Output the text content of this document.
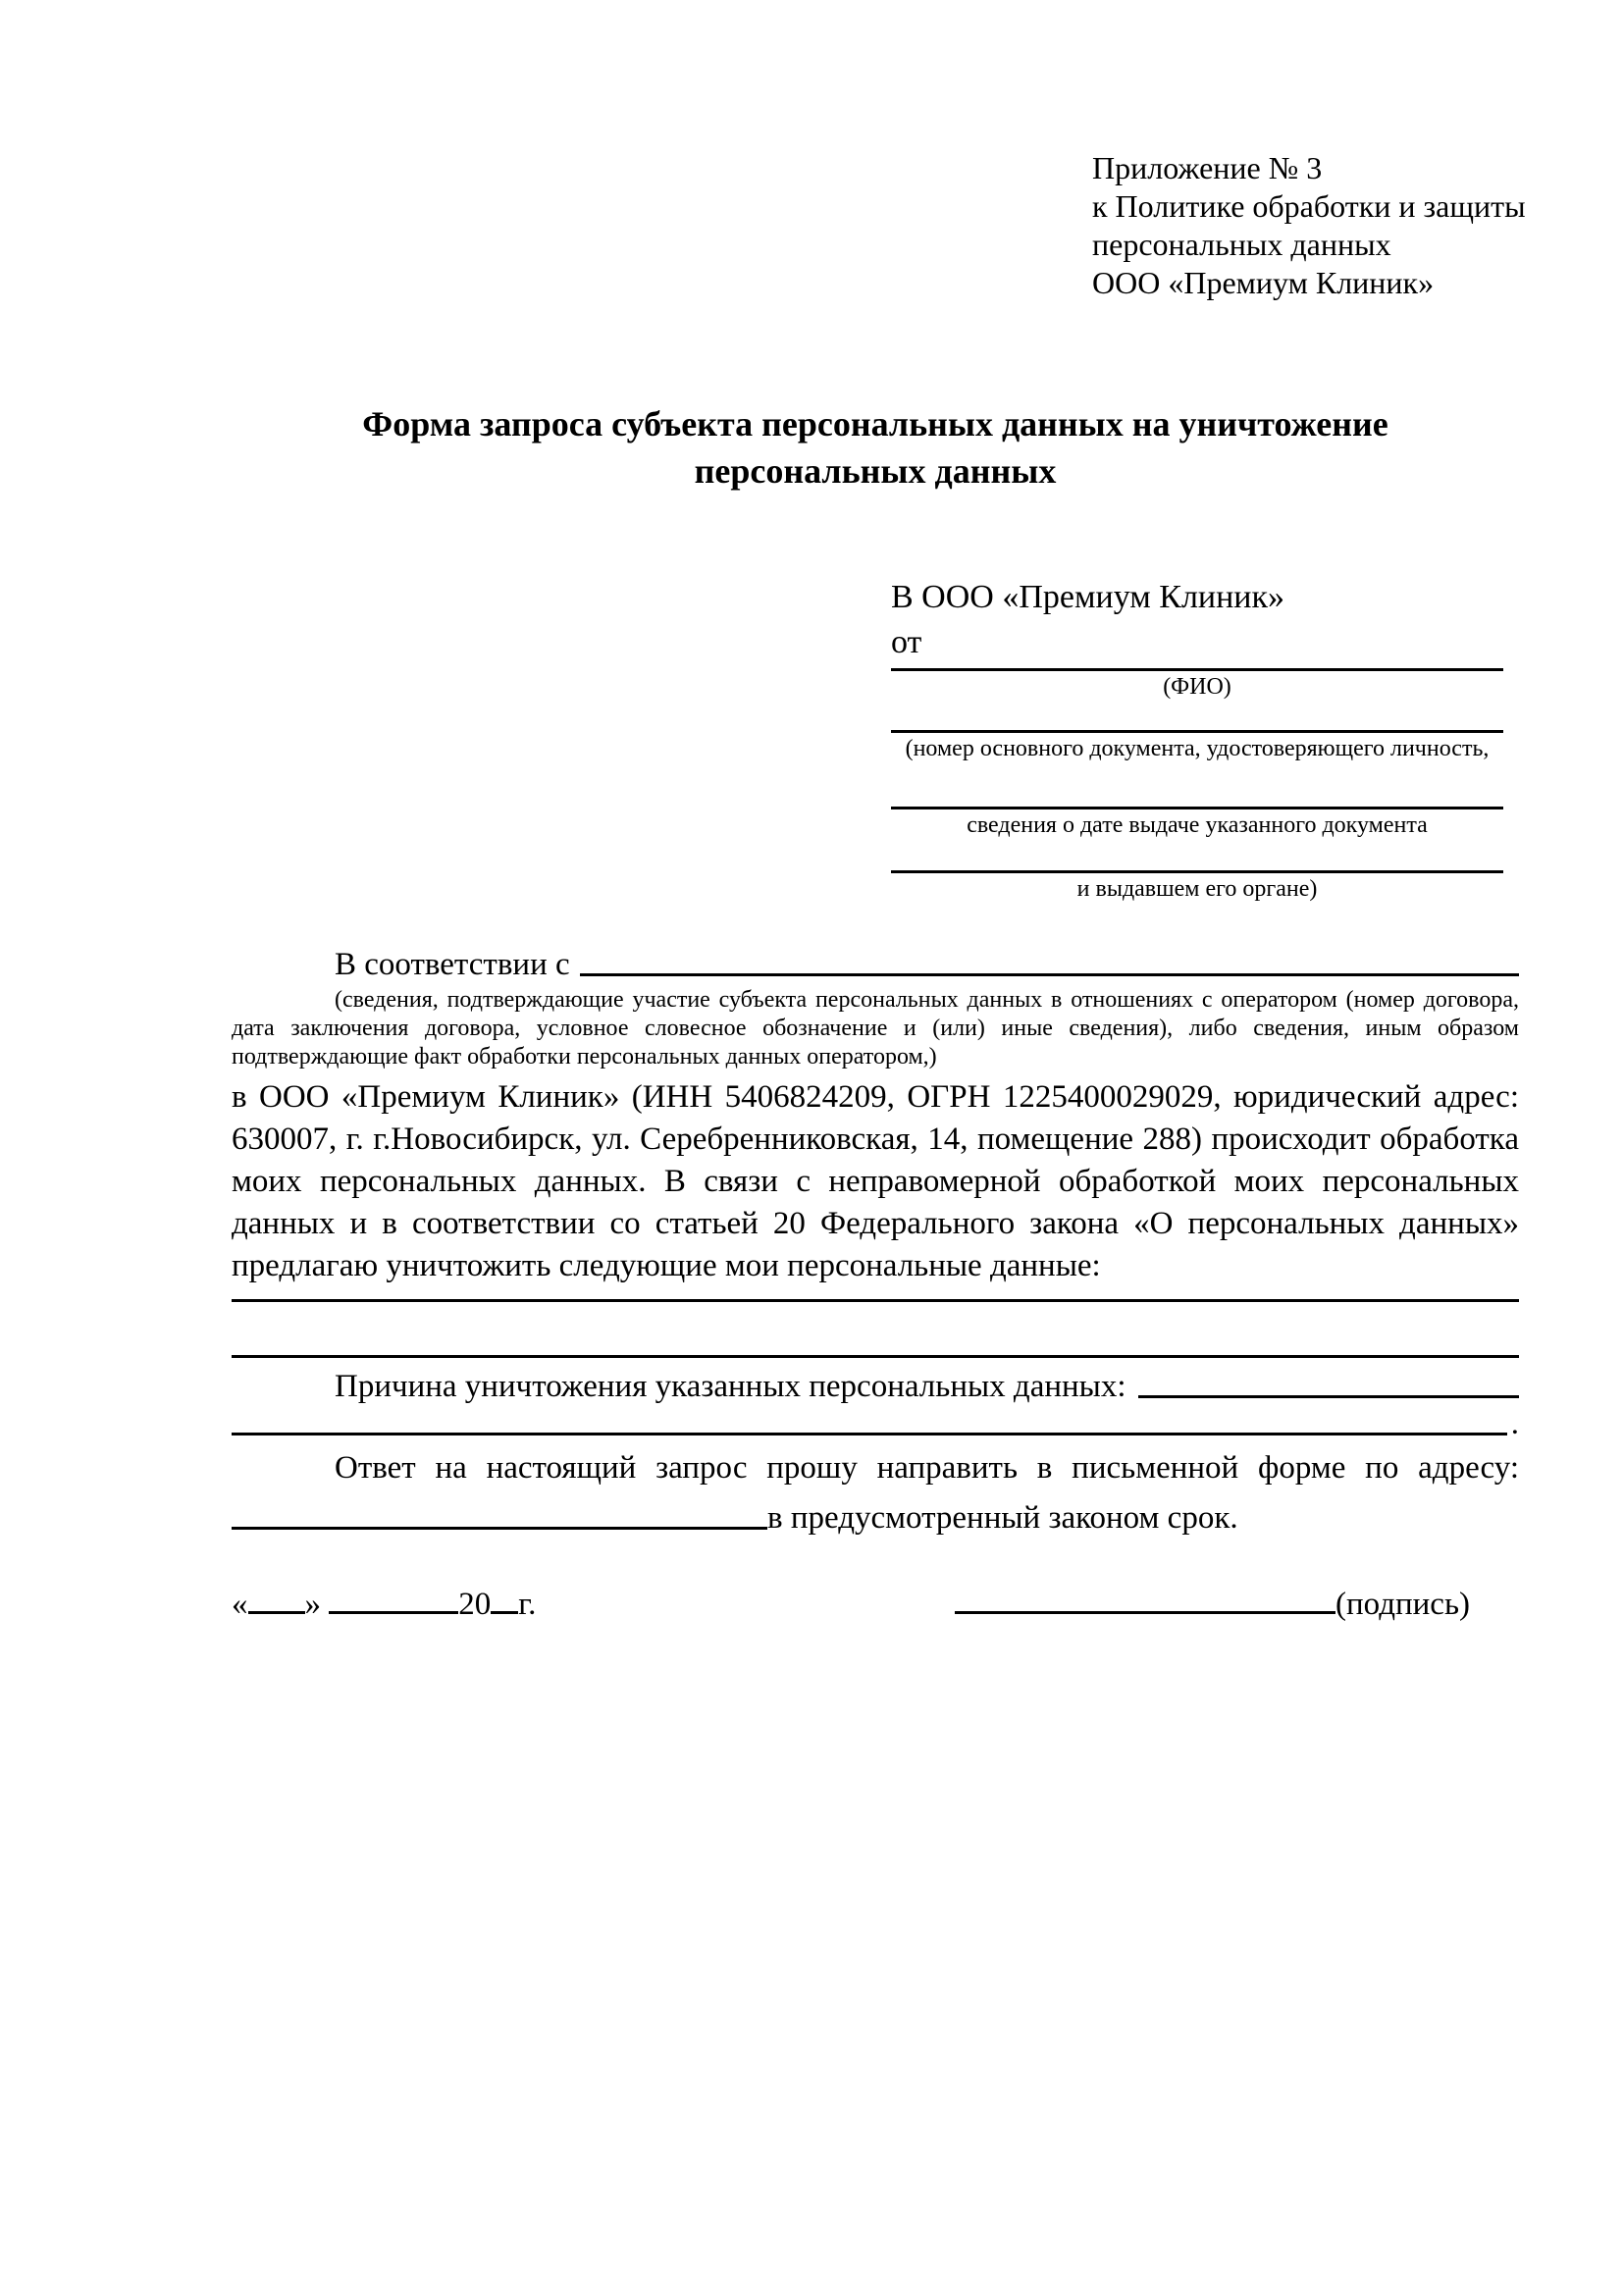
Приложение № 3
к Политике обработки и защиты
персональных данных
ООО «Премиум Клиник»
Форма запроса субъекта персональных данных на уничтожение
персональных данных
В ООО «Премиум Клиник»
от
(ФИО)
(номер основного документа, удостоверяющего личность,
сведения о дате выдаче указанного документа
и выдавшем его органе)
В соответствии с
(сведения, подтверждающие участие субъекта персональных данных в отношениях с оператором (номер договора, дата заключения договора, условное словесное обозначение и (или) иные сведения), либо сведения, иным образом подтверждающие факт обработки персональных данных оператором,)
в ООО «Премиум Клиник» (ИНН 5406824209, ОГРН 1225400029029, юридический адрес: 630007, г. г.Новосибирск, ул. Серебренниковская, 14, помещение 288) происходит обработка моих персональных данных. В связи с неправомерной обработкой моих персональных данных и в соответствии со статьей 20 Федерального закона «О персональных данных» предлагаю уничтожить следующие мои персональные данные:
Причина уничтожения указанных персональных данных:
.
Ответ на настоящий запрос прошу направить в письменной форме по адресу:
в предусмотренный законом срок.
« »	20 г.	(подпись)
